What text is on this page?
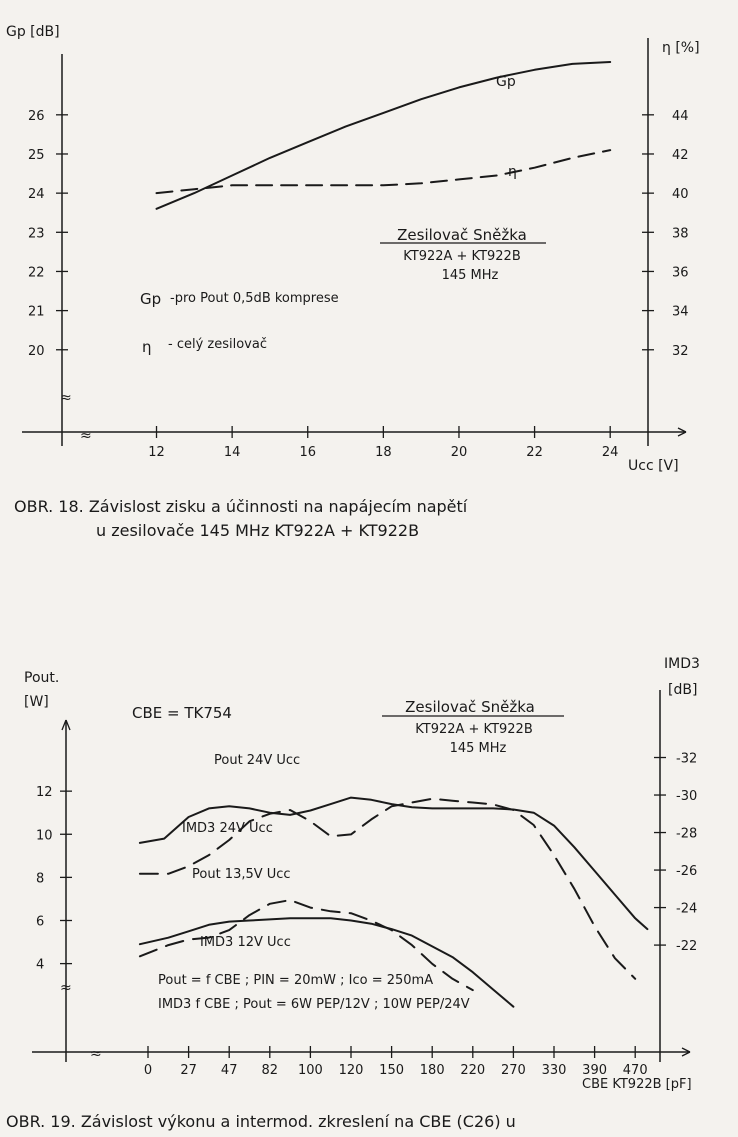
20
21
22
23
24
25
26
32
34
36
38
40
42
44
12	14	16	18	20	22	24
Gp [dB]
η [%]
Ucc [V]
≈
≈
Gp
η
Zesilovač Sněžka
KT922A + KT922B
145 MHz
Gp -pro Pout 0,5dB komprese
η - celý zesilovač
OBR. 18. Závislost zisku a účinnosti na napájecím napětí
u zesilovače 145 MHz KT922A + KT922B
4
6
8
10
12
-22
-24
-26
-28
-30
-32
0 27 47 82 100 120 150 180 220 270 330 390 470
Pout.
[W]
IMD3
[dB]
CBE KT922B [pF]
≈
≈
CBE = TK754	Zesilovač Sněžka
KT922A + KT922B
145 MHz
Pout 24V Ucc
IMD3 24V Ucc
Pout 13,5V Ucc
IMD3 12V Ucc
Pout = f CBE ; PIN = 20mW ; Ico = 250mA
IMD3 f CBE ; Pout = 6W PEP/12V ; 10W PEP/24V
OBR. 19. Závislost výkonu a intermod. zkreslení na CBE (C26) u
